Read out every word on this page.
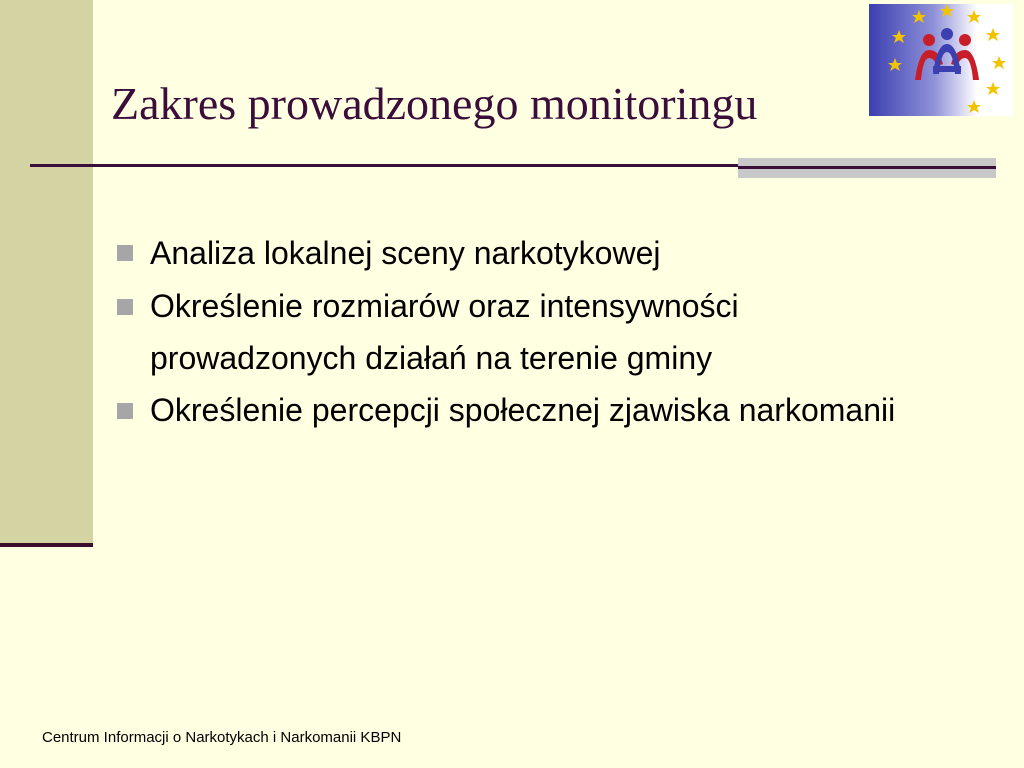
Zakres prowadzonego monitoringu
Analiza lokalnej sceny narkotykowej
Określenie rozmiarów oraz intensywności prowadzonych działań na terenie gminy
Określenie percepcji społecznej zjawiska narkomanii
Centrum Informacji o Narkotykach i Narkomanii KBPN
